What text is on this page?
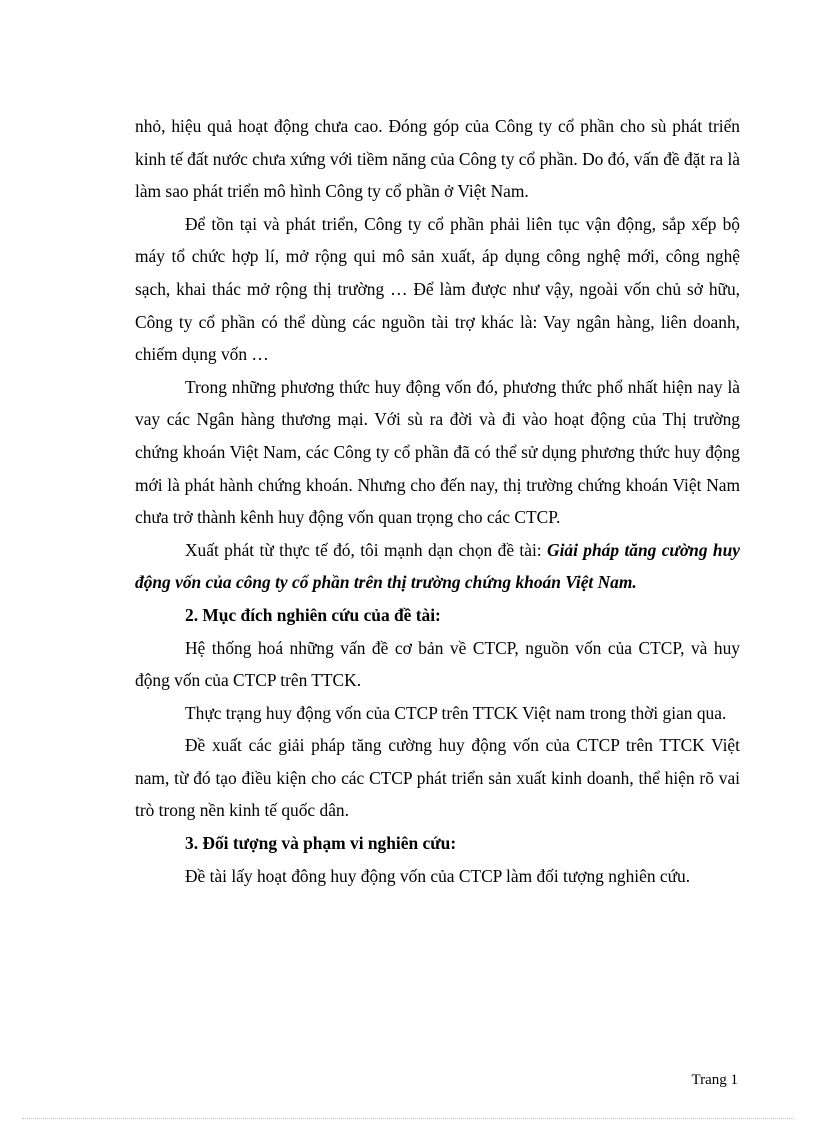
nhỏ, hiệu quả hoạt động chưa cao. Đóng góp của Công ty cổ phần cho sù phát triển kinh tế đất nước chưa xứng với tiềm năng của Công ty cổ phần. Do đó, vấn đề đặt ra là làm sao phát triển mô hình Công ty cổ phần ở Việt Nam.

Để tồn tại và phát triển, Công ty cổ phần phải liên tục vận động, sắp xếp bộ máy tổ chức hợp lí, mở rộng qui mô sản xuất, áp dụng công nghệ mới, công nghệ sạch, khai thác mở rộng thị trường … Để làm được như vậy, ngoài vốn chủ sở hữu, Công ty cổ phần có thể dùng các nguồn tài trợ khác là: Vay ngân hàng, liên doanh, chiếm dụng vốn …

Trong những phương thức huy động vốn đó, phương thức phổ nhất hiện nay là vay các Ngân hàng thương mại. Với sù ra đời và đi vào hoạt động của Thị trường chứng khoán Việt Nam, các Công ty cổ phần đã có thể sử dụng phương thức huy động mới là phát hành chứng khoán. Nhưng cho đến nay, thị trường chứng khoán Việt Nam chưa trở thành kênh huy động vốn quan trọng cho các CTCP.

Xuất phát từ thực tế đó, tôi mạnh dạn chọn đề tài: Giải pháp tăng cường huy động vốn của công ty cổ phần trên thị trường chứng khoán Việt Nam.

2. Mục đích nghiên cứu của đề tài:

Hệ thống hoá những vấn đề cơ bản về CTCP, nguồn vốn của CTCP, và huy động vốn của CTCP trên TTCK.

Thực trạng huy động vốn của CTCP trên TTCK Việt nam trong thời gian qua.

Đề xuất các giải pháp tăng cường huy động vốn của CTCP trên TTCK Việt nam, từ đó tạo điều kiện cho các CTCP phát triển sản xuất kinh doanh, thể hiện rõ vai trò trong nền kinh tế quốc dân.

3. Đối tượng và phạm vi nghiên cứu:

Đề tài lấy hoạt đông huy động vốn của CTCP làm đối tượng nghiên cứu.

Trang 1
